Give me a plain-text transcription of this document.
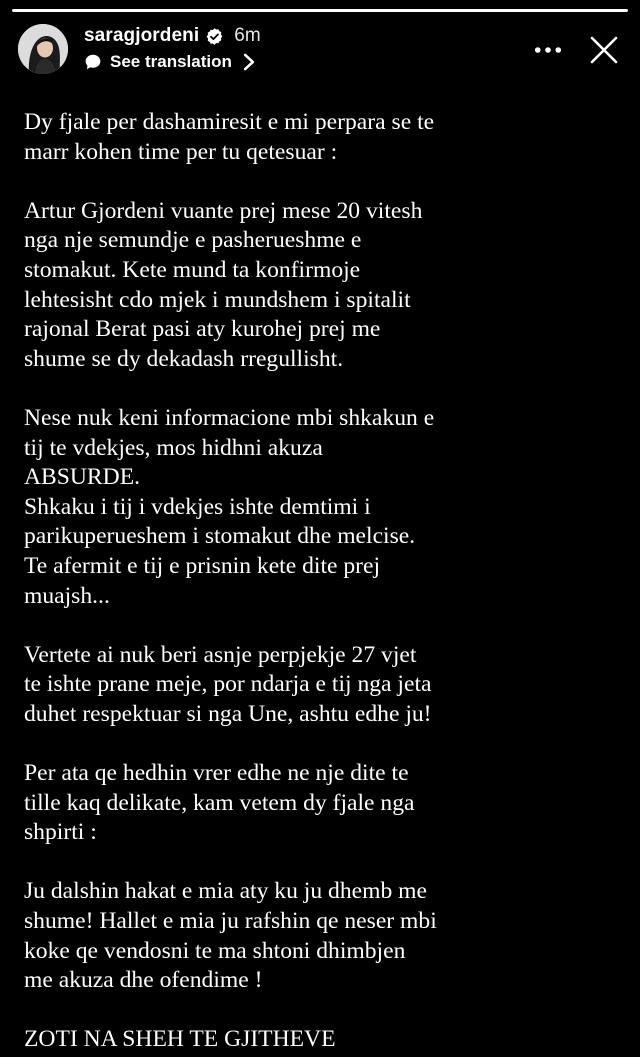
saragjordeni 6m
See translation

Dy fjale per dashamiresit e mi perpara se te
marr kohen time per tu qetesuar :

Artur Gjordeni vuante prej mese 20 vitesh
nga nje semundje e pasherueshme e
stomakut. Kete mund ta konfirmoje
lehtesisht cdo mjek i mundshem i spitalit
rajonal Berat pasi aty kurohej prej me
shume se dy dekadash rregullisht.

Nese nuk keni informacione mbi shkakun e
tij te vdekjes, mos hidhni akuza
ABSURDE.
Shkaku i tij i vdekjes ishte demtimi i
parikuperueshem i stomakut dhe melcise.
Te afermit e tij e prisnin kete dite prej
muajsh...

Vertete ai nuk beri asnje perpjekje 27 vjet
te ishte prane meje, por ndarja e tij nga jeta
duhet respektuar si nga Une, ashtu edhe ju!

Per ata qe hedhin vrer edhe ne nje dite te
tille kaq delikate, kam vetem dy fjale nga
shpirti :

Ju dalshin hakat e mia aty ku ju dhemb me
shume! Hallet e mia ju rafshin qe neser mbi
koke qe vendosni te ma shtoni dhimbjen
me akuza dhe ofendime !

ZOTI NA SHEH TE GJITHEVE
